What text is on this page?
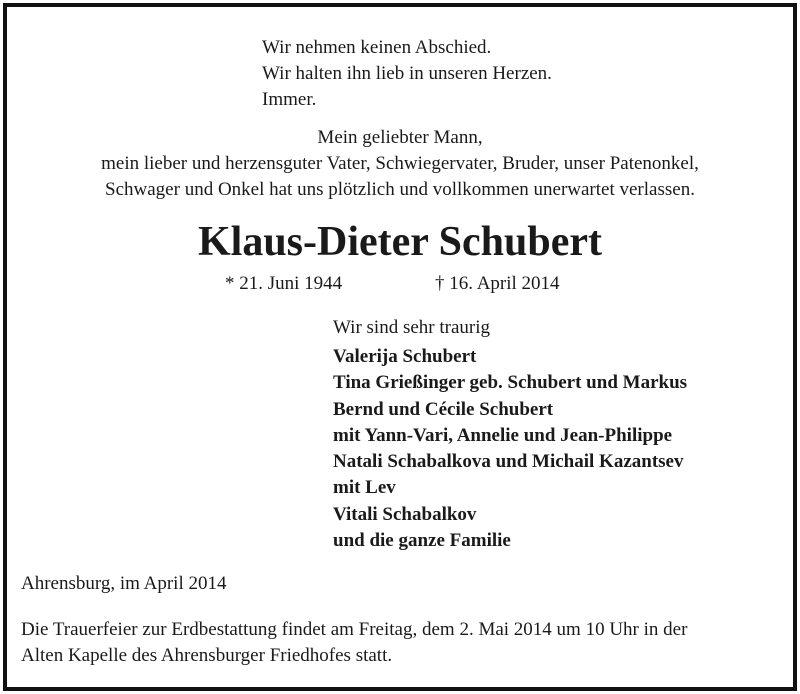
Wir nehmen keinen Abschied.
Wir halten ihn lieb in unseren Herzen.
Immer.
Mein geliebter Mann,
mein lieber und herzensguter Vater, Schwiegervater, Bruder, unser Patenonkel,
Schwager und Onkel hat uns plötzlich und vollkommen unerwartet verlassen.
Klaus-Dieter Schubert
* 21. Juni 1944	† 16. April 2014
Wir sind sehr traurig
Valerija Schubert
Tina Grießinger geb. Schubert und Markus
Bernd und Cécile Schubert
mit Yann-Vari, Annelie und Jean-Philippe
Natali Schabalkova und Michail Kazantsev
mit Lev
Vitali Schabalkov
und die ganze Familie
Ahrensburg, im April 2014
Die Trauerfeier zur Erdbestattung findet am Freitag, dem 2. Mai 2014 um 10 Uhr in der
Alten Kapelle des Ahrensburger Friedhofes statt.
